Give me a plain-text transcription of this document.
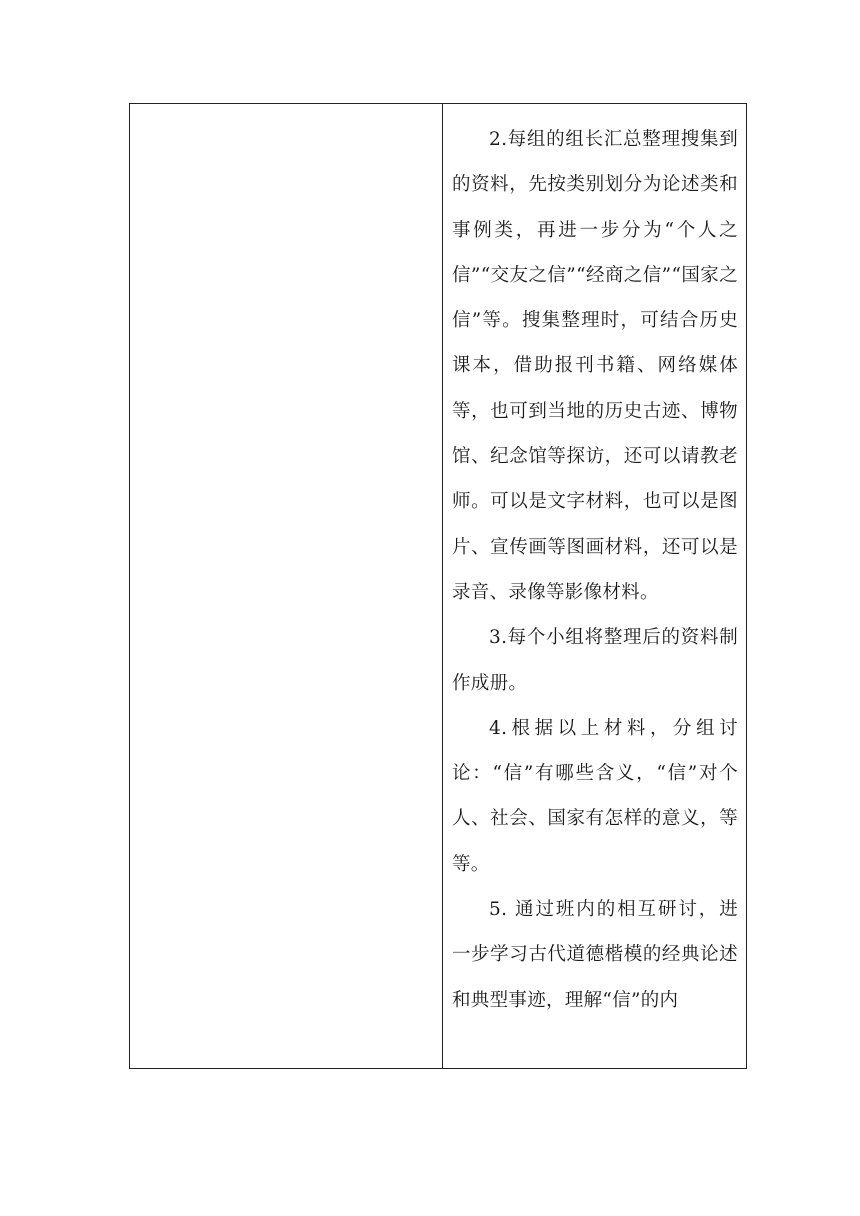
2.每组的组长汇总整理搜集到的资料，先按类别划分为论述类和事例类，再进一步分为“个人之信”“交友之信”“经商之信”“国家之信”等。搜集整理时，可结合历史课本，借助报刊书籍、网络媒体等，也可到当地的历史古迹、博物馆、纪念馆等探访，还可以请教老师。可以是文字材料，也可以是图片、宣传画等图画材料，还可以是录音、录像等影像材料。

3.每个小组将整理后的资料制作成册。

4.根据以上材料，分组讨论：“信”有哪些含义，“信”对个人、社会、国家有怎样的意义，等等。

5. 通过班内的相互研讨，进一步学习古代道德楷模的经典论述和典型事迹，理解“信”的内
